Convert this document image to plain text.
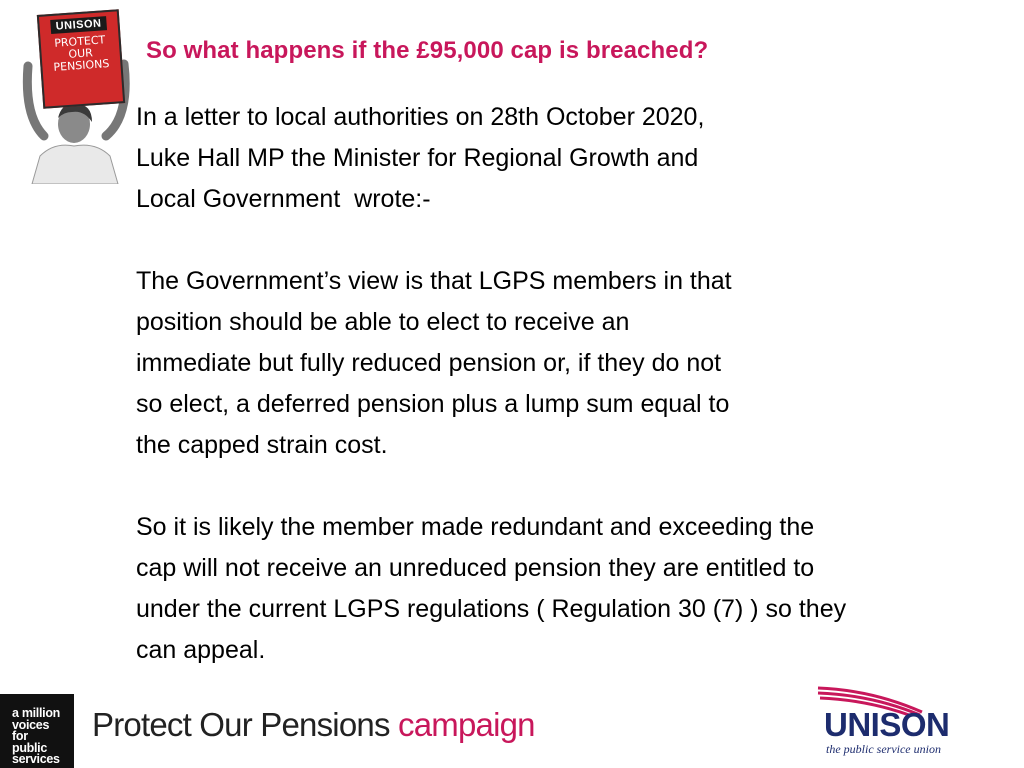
UNISON
PROTECT
OUR
PENSIONS
So what happens if the £95,000 cap is breached?

In a letter to local authorities on 28th October 2020,

Luke Hall MP the Minister for Regional Growth and

Local Government  wrote:-

The Government’s view is that LGPS members in that

position should be able to elect to receive an

immediate but fully reduced pension or, if they do not

so elect, a deferred pension plus a lump sum equal to

the capped strain cost.

So it is likely the member made redundant and exceeding the

cap will not receive an unreduced pension they are entitled to

under the current LGPS regulations ( Regulation 30 (7) ) so they

can appeal.

a million
voices
for
public
services
Protect Our Pensions campaign	UNISON
the public service union
